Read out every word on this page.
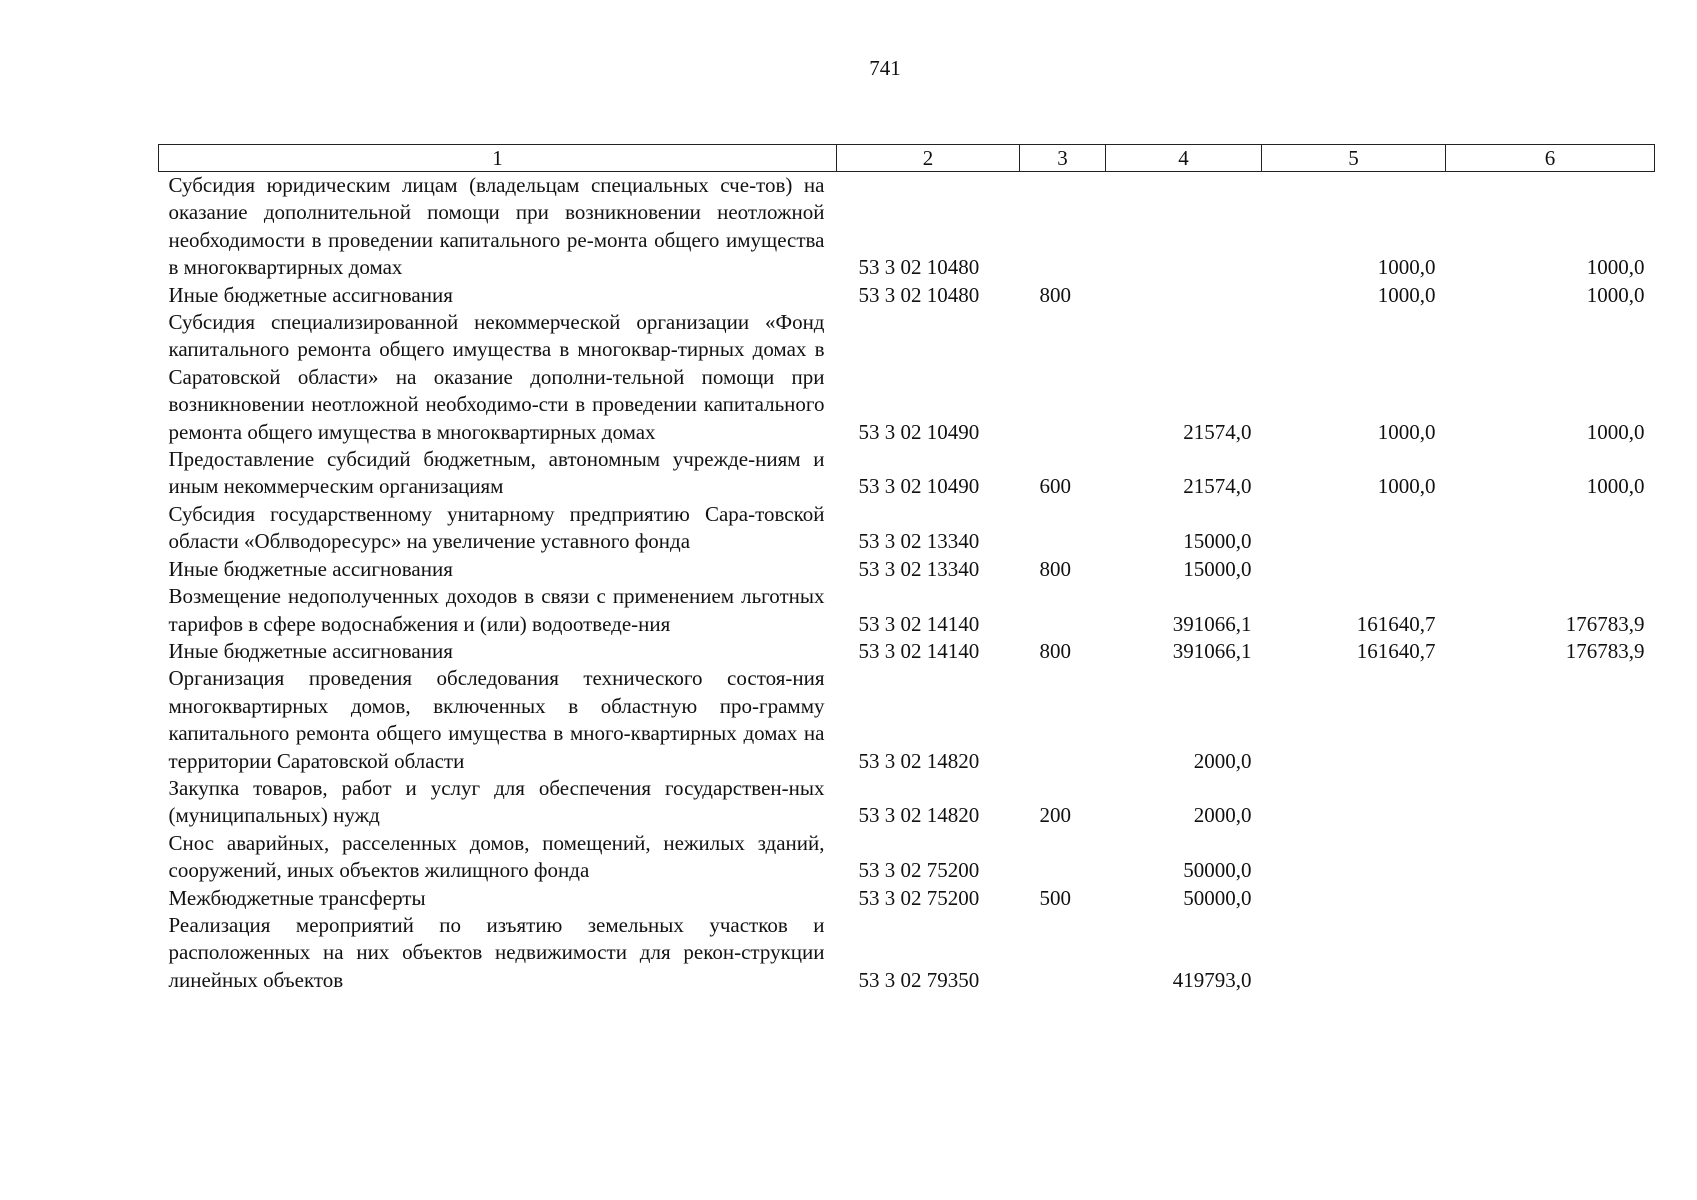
741
1	2	3	4	5	6
Субсидия юридическим лицам (владельцам специальных сче-тов) на оказание дополнительной помощи при возникновении неотложной необходимости в проведении капитального ре-монта общего имущества в многоквартирных домах	53 3 02 10480			1000,0	1000,0
Иные бюджетные ассигнования	53 3 02 10480	800		1000,0	1000,0
Субсидия специализированной некоммерческой организации «Фонд капитального ремонта общего имущества в многоквар-тирных домах в Саратовской области» на оказание дополни-тельной помощи при возникновении неотложной необходимо-сти в проведении капитального ремонта общего имущества в многоквартирных домах	53 3 02 10490		21574,0	1000,0	1000,0
Предоставление субсидий бюджетным, автономным учрежде-ниям и иным некоммерческим организациям	53 3 02 10490	600	21574,0	1000,0	1000,0
Субсидия государственному унитарному предприятию Сара-товской области «Облводоресурс» на увеличение уставного фонда	53 3 02 13340		15000,0		
Иные бюджетные ассигнования	53 3 02 13340	800	15000,0		
Возмещение недополученных доходов в связи с применением льготных тарифов в сфере водоснабжения и (или) водоотведе-ния	53 3 02 14140		391066,1	161640,7	176783,9
Иные бюджетные ассигнования	53 3 02 14140	800	391066,1	161640,7	176783,9
Организация проведения обследования технического состоя-ния многоквартирных домов, включенных в областную про-грамму капитального ремонта общего имущества в много-квартирных домах на территории Саратовской области	53 3 02 14820		2000,0		
Закупка товаров, работ и услуг для обеспечения государствен-ных (муниципальных) нужд	53 3 02 14820	200	2000,0		
Снос аварийных, расселенных домов, помещений, нежилых зданий, сооружений, иных объектов жилищного фонда	53 3 02 75200		50000,0		
Межбюджетные трансферты	53 3 02 75200	500	50000,0		
Реализация мероприятий по изъятию земельных участков и расположенных на них объектов недвижимости для рекон-струкции линейных объектов	53 3 02 79350		419793,0		
